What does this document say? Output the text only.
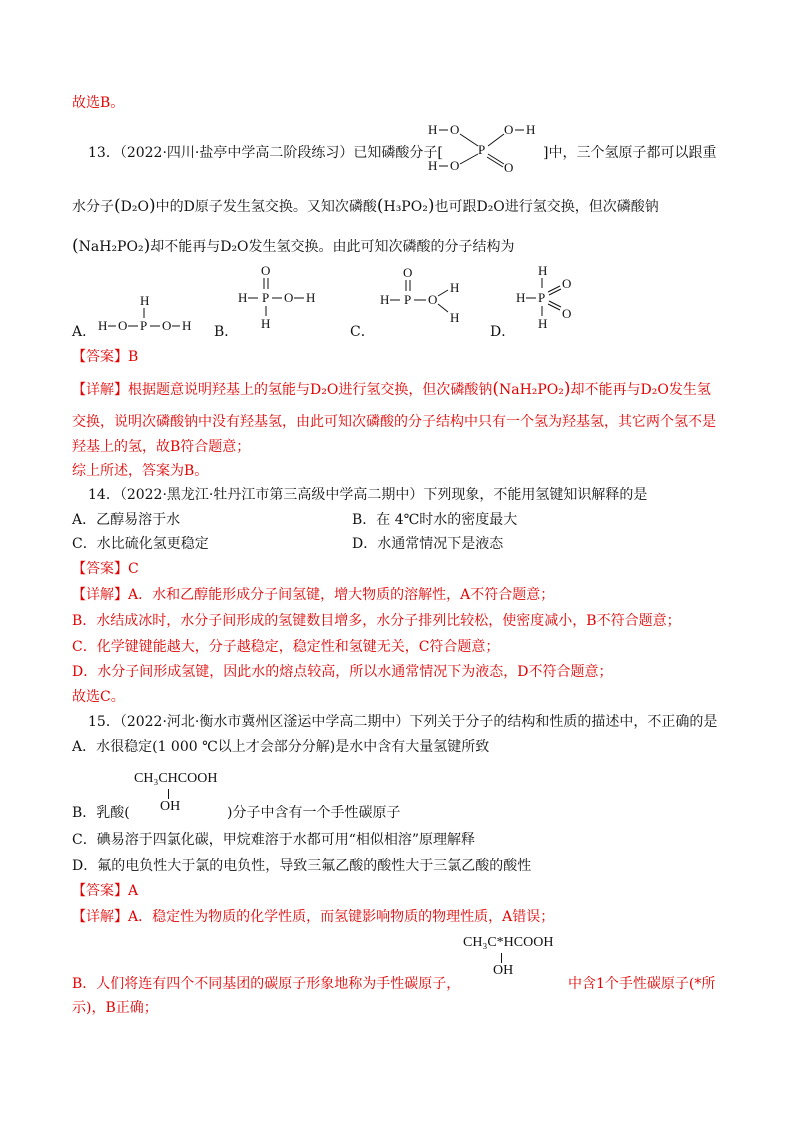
故选B。
13．（2022·四川·盐亭中学高二阶段练习）已知磷酸分子[
H O
P
O H
H O	O
]中，三个氢原子都可以跟重
水分子(D₂O)中的D原子发生氢交换。又知次磷酸(H₃PO₂)也可跟D₂O进行氢交换，但次磷酸钠
(NaH₂PO₂)却不能再与D₂O发生氢交换。由此可知次磷酸的分子结构为
A．
H
H O P O H B．
O
H P O H
H
C．
O
H P O
H
H
D．
H
H P
O
O
H
【答案】B
【详解】根据题意说明羟基上的氢能与D₂O进行氢交换，但次磷酸钠(NaH₂PO₂)却不能再与D₂O发生氢
交换，说明次磷酸钠中没有羟基氢，由此可知次磷酸的分子结构中只有一个氢为羟基氢，其它两个氢不是
羟基上的氢，故B符合题意；
综上所述，答案为B。
14．（2022·黑龙江·牡丹江市第三高级中学高二期中）下列现象，不能用氢键知识解释的是
A．乙醇易溶于水	B．在 4℃时水的密度最大
C．水比硫化氢更稳定	D．水通常情况下是液态
【答案】C
【详解】A．水和乙醇能形成分子间氢键，增大物质的溶解性，A不符合题意；
B．水结成冰时，水分子间形成的氢键数目增多，水分子排列比较松，使密度减小，B不符合题意；
C．化学键键能越大，分子越稳定，稳定性和氢键无关，C符合题意；
D．水分子间形成氢键，因此水的熔点较高，所以水通常情况下为液态，D不符合题意；
故选C。
15．（2022·河北·衡水市冀州区滏运中学高二期中）下列关于分子的结构和性质的描述中，不正确的是
A．水很稳定(1 000 ℃以上才会部分分解)是水中含有大量氢键所致
CH₃CHCOOH
OH
B．乳酸(	)分子中含有一个手性碳原子
C．碘易溶于四氯化碳，甲烷难溶于水都可用“相似相溶”原理解释
D．氟的电负性大于氯的电负性，导致三氟乙酸的酸性大于三氯乙酸的酸性
【答案】A
【详解】A．稳定性为物质的化学性质，而氢键影响物质的物理性质，A错误；
CH₃C*HCOOH
OH
B．人们将连有四个不同基团的碳原子形象地称为手性碳原子，	中含1个手性碳原子(*所
示)，B正确；
